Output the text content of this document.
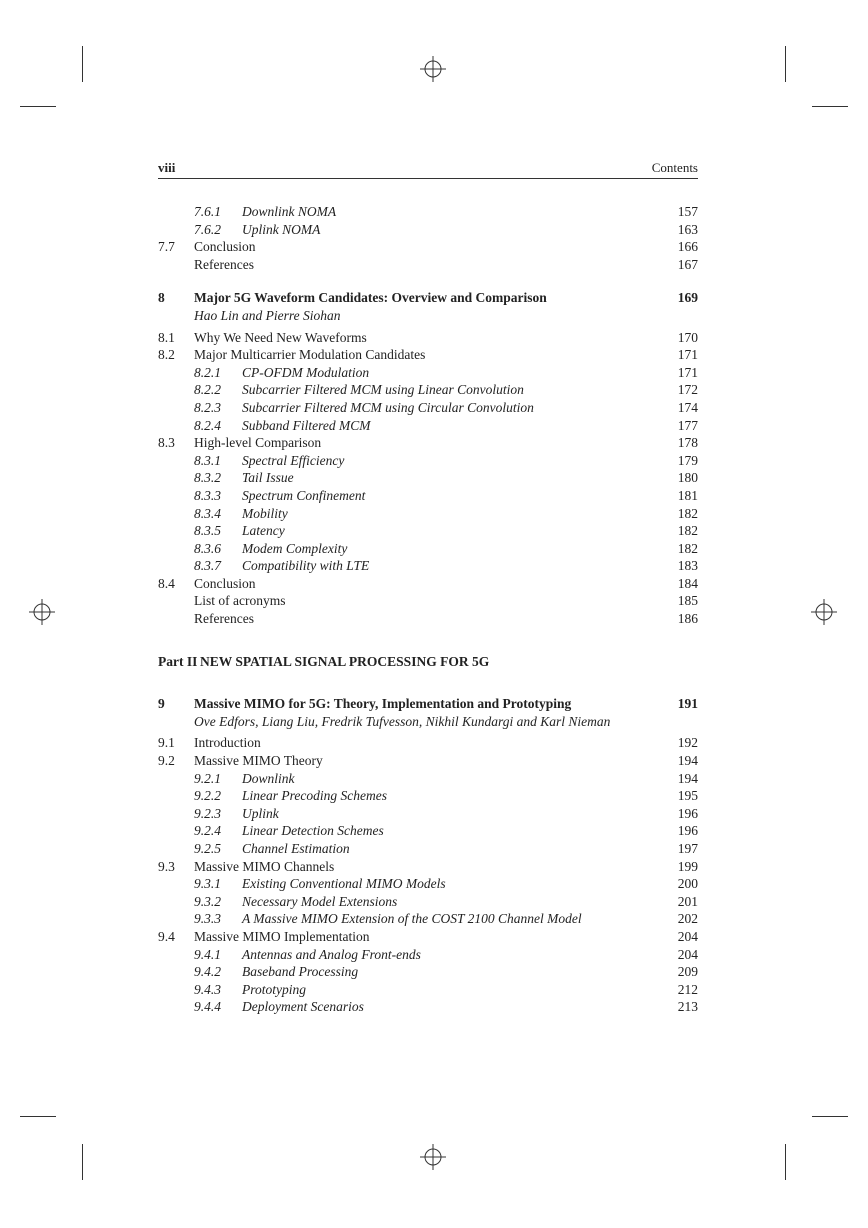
viii	Contents
7.6.1 Downlink NOMA	157
7.6.2 Uplink NOMA	163
7.7 Conclusion	166
References	167
8 Major 5G Waveform Candidates: Overview and Comparison	169
Hao Lin and Pierre Siohan
8.1 Why We Need New Waveforms	170
8.2 Major Multicarrier Modulation Candidates	171
8.2.1 CP-OFDM Modulation	171
8.2.2 Subcarrier Filtered MCM using Linear Convolution	172
8.2.3 Subcarrier Filtered MCM using Circular Convolution	174
8.2.4 Subband Filtered MCM	177
8.3 High-level Comparison	178
8.3.1 Spectral Efficiency	179
8.3.2 Tail Issue	180
8.3.3 Spectrum Confinement	181
8.3.4 Mobility	182
8.3.5 Latency	182
8.3.6 Modem Complexity	182
8.3.7 Compatibility with LTE	183
8.4 Conclusion	184
List of acronyms	185
References	186
Part II NEW SPATIAL SIGNAL PROCESSING FOR 5G
9 Massive MIMO for 5G: Theory, Implementation and Prototyping	191
Ove Edfors, Liang Liu, Fredrik Tufvesson, Nikhil Kundargi and Karl Nieman
9.1 Introduction	192
9.2 Massive MIMO Theory	194
9.2.1 Downlink	194
9.2.2 Linear Precoding Schemes	195
9.2.3 Uplink	196
9.2.4 Linear Detection Schemes	196
9.2.5 Channel Estimation	197
9.3 Massive MIMO Channels	199
9.3.1 Existing Conventional MIMO Models	200
9.3.2 Necessary Model Extensions	201
9.3.3 A Massive MIMO Extension of the COST 2100 Channel Model	202
9.4 Massive MIMO Implementation	204
9.4.1 Antennas and Analog Front-ends	204
9.4.2 Baseband Processing	209
9.4.3 Prototyping	212
9.4.4 Deployment Scenarios	213
